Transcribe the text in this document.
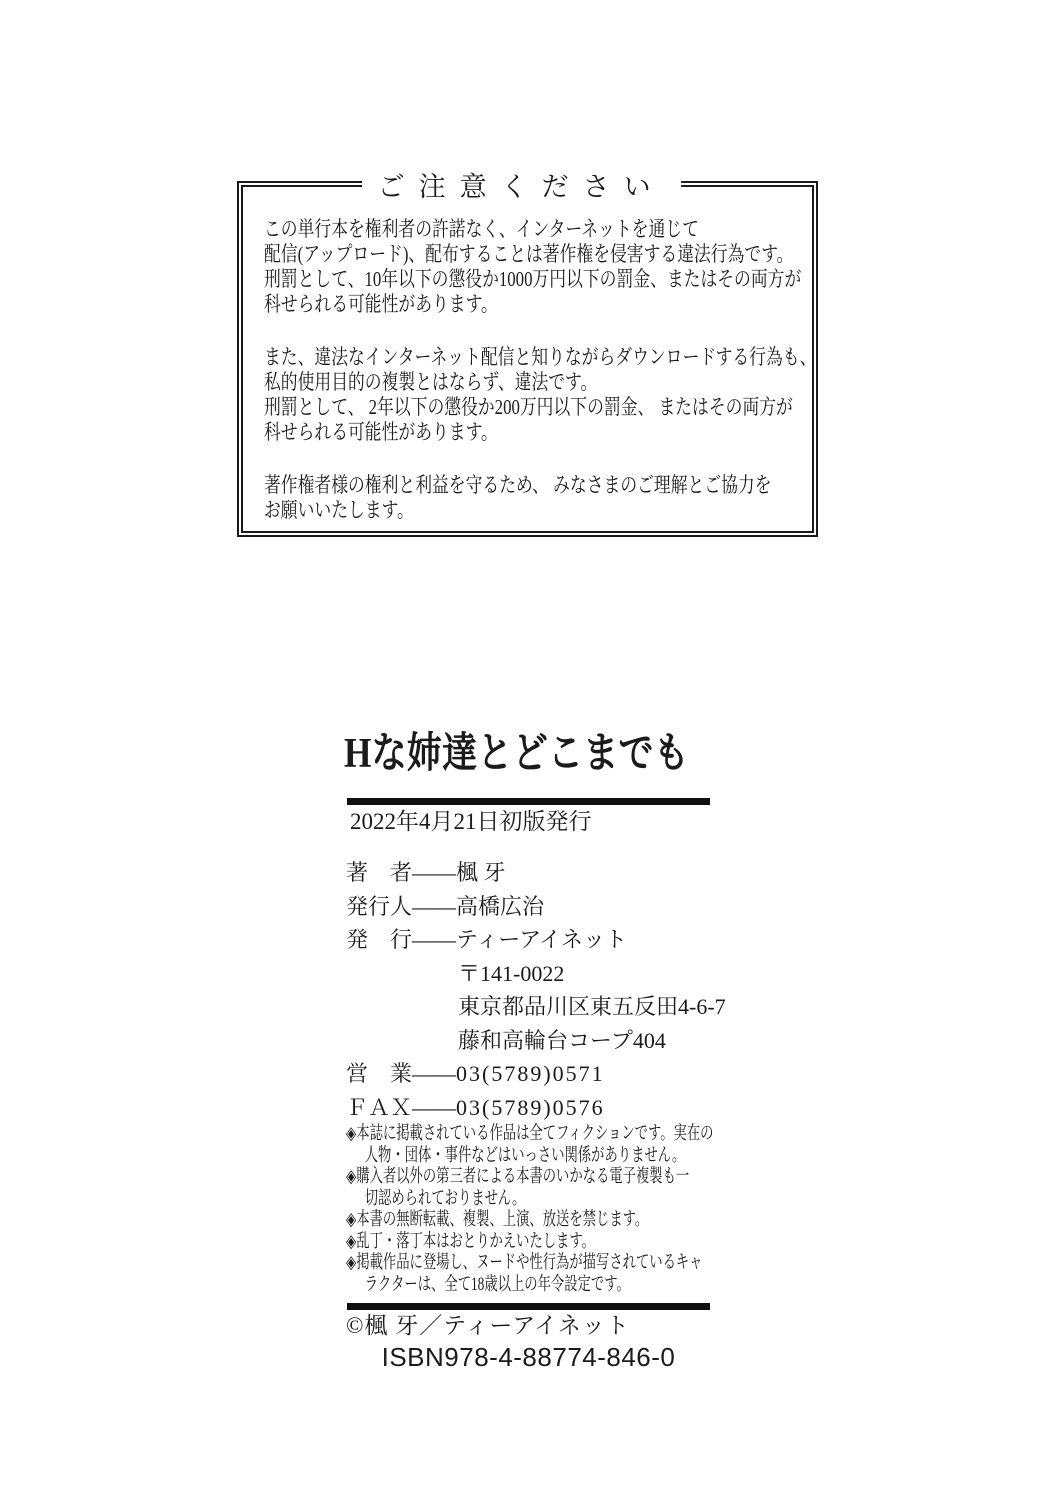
ご注意ください
この単行本を権利者の許諾なく、インターネットを通じて
配信(アップロード)、配布することは著作権を侵害する違法行為です。
刑罰として、10年以下の懲役か1000万円以下の罰金、またはその両方が
科せられる可能性があります。
また、違法なインターネット配信と知りながらダウンロードする行為も、
私的使用目的の複製とはならず、違法です。
刑罰として、 2年以下の懲役か200万円以下の罰金、 またはその両方が
科せられる可能性があります。
著作権者様の権利と利益を守るため、 みなさまのご理解とご協力を
お願いいたします。
Hな姉達とどこまでも
2022年4月21日初版発行
著　者——楓 牙
発行人——高橋広治
発　行——ティーアイネット
〒141-0022
東京都品川区東五反田4-6-7
藤和高輪台コープ404
営　業——03(5789)0571
ＦＡＸ——03(5789)0576
◈本誌に掲載されている作品は全てフィクションです。実在の
人物・団体・事件などはいっさい関係がありません。
◈購入者以外の第三者による本書のいかなる電子複製も一
切認められておりません。
◈本書の無断転載、複製、上演、放送を禁じます。
◈乱丁・落丁本はおとりかえいたします。
◈掲載作品に登場し、ヌードや性行為が描写されているキャ
ラクターは、全て18歳以上の年令設定です。
©楓 牙／ティーアイネット
ISBN978-4-88774-846-0
